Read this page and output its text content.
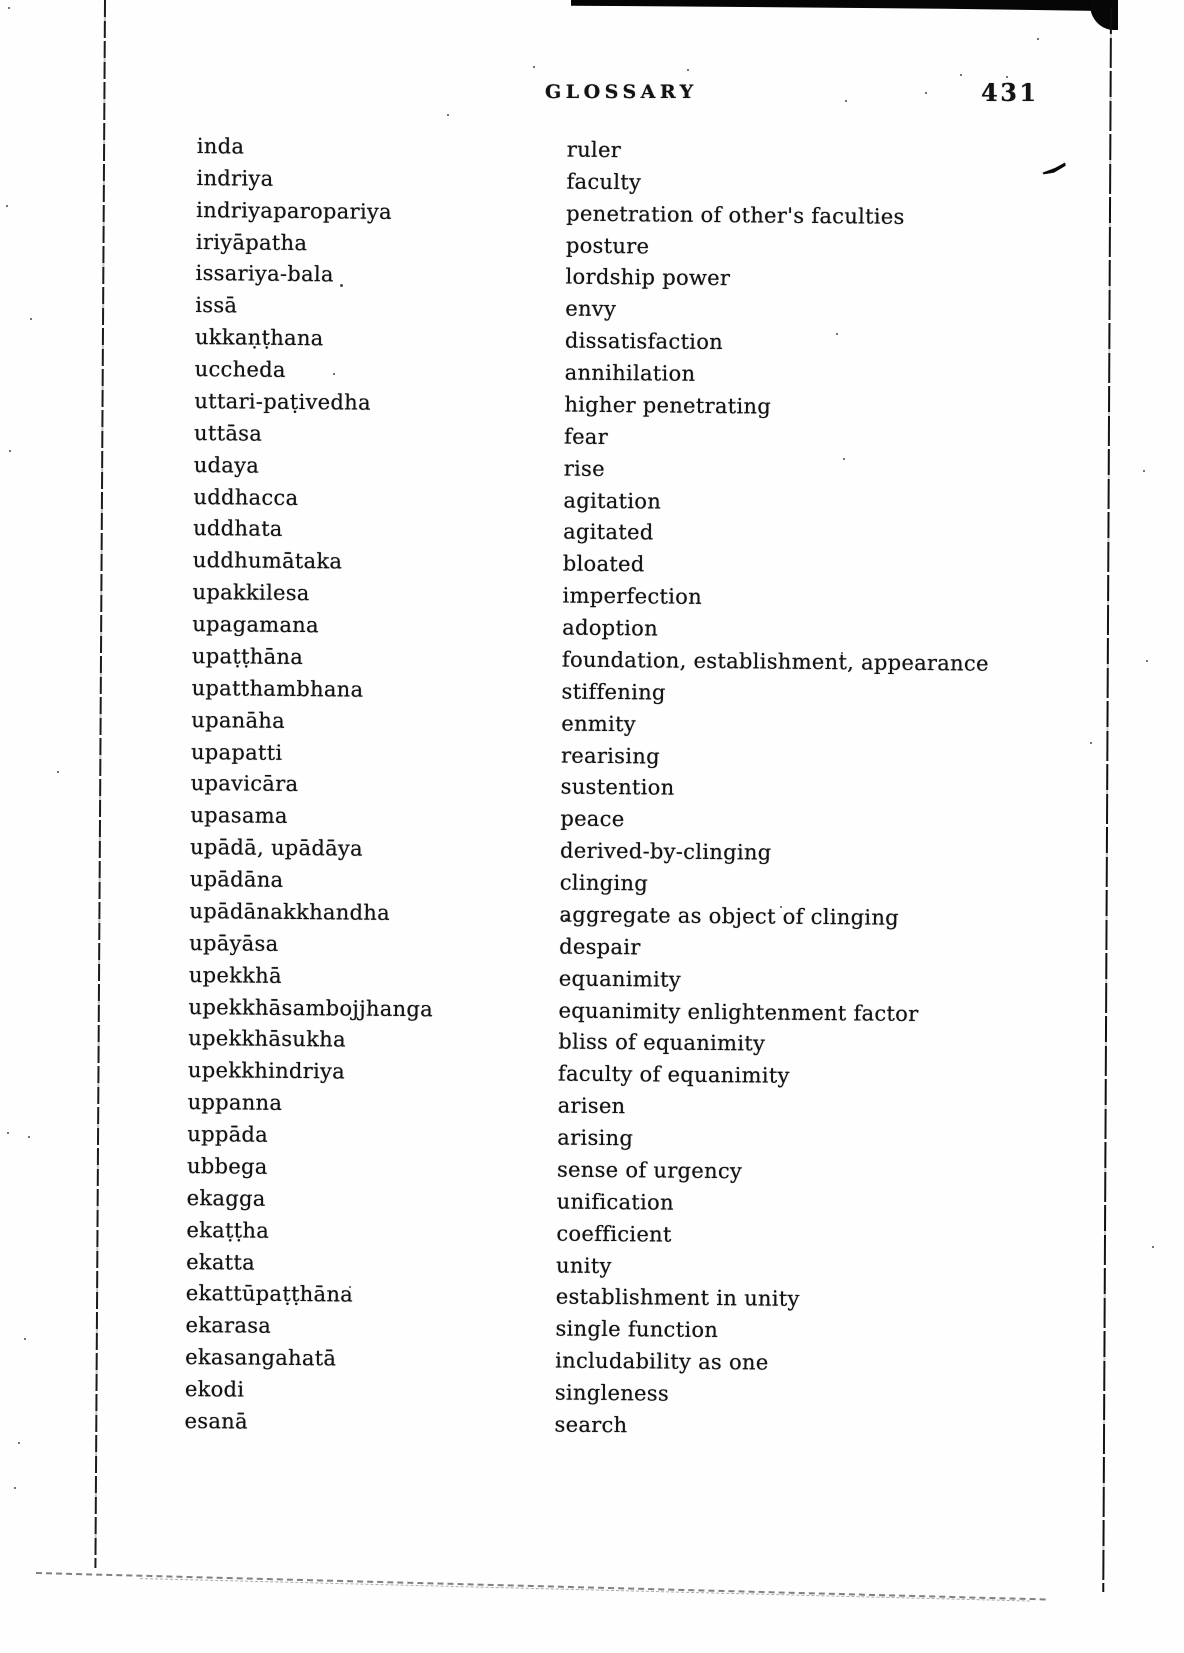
GLOSSARY	431
inda	ruler
indriya	faculty
indriyaparopariya	penetration of other's faculties
iriyāpatha	posture
issariya-bala	lordship power
issā	envy
ukkaṇṭhana	dissatisfaction
uccheda	annihilation
uttari-paṭivedha	higher penetrating
uttāsa	fear
udaya	rise
uddhacca	agitation
uddhata	agitated
uddhumātaka	bloated
upakkilesa	imperfection
upagamana	adoption
upaṭṭhāna	foundation, establishment, appearance
upatthambhana	stiffening
upanāha	enmity
upapatti	rearising
upavicāra	sustention
upasama	peace
upādā, upādāya	derived-by-clinging
upādāna	clinging
upādānakkhandha	aggregate as object of clinging
upāyāsa	despair
upekkhā	equanimity
upekkhāsambojjhanga	equanimity enlightenment factor
upekkhāsukha	bliss of equanimity
upekkhindriya	faculty of equanimity
uppanna	arisen
uppāda	arising
ubbega	sense of urgency
ekagga	unification
ekaṭṭha	coefficient
ekatta	unity
ekattūpaṭṭhāna	establishment in unity
ekarasa	single function
ekasangahatā	includability as one
ekodi	singleness
esanā	search
